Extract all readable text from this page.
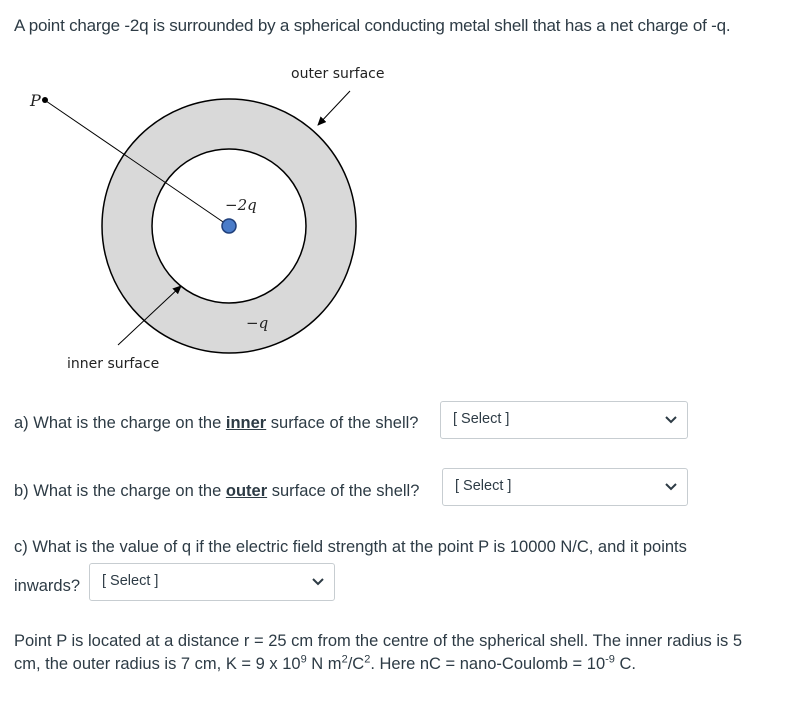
A point charge -2q is surrounded by a spherical conducting metal shell that has a net charge of -q.
P
−2q
−q
outer surface
inner surface
a) What is the charge on the inner surface of the shell? [ Select ]
b) What is the charge on the outer surface of the shell? [ Select ]
c) What is the value of q if the electric field strength at the point P is 10000 N/C, and it points
inwards? [ Select ]
Point P is located at a distance r = 25 cm from the centre of the spherical shell. The inner radius is 5
cm, the outer radius is 7 cm, K = 9 x $10^9$ N $m^2/C^2$. Here nC = nano-Coulomb = $10^{-9}$ C.
